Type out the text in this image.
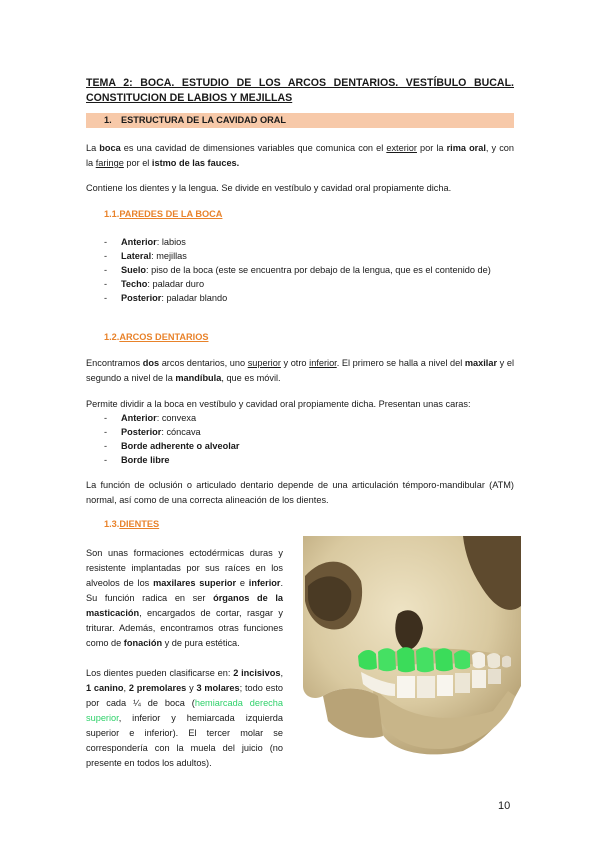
TEMA 2: BOCA. ESTUDIO DE LOS ARCOS DENTARIOS. VESTÍBULO BUCAL.
CONSTITUCION DE LABIOS Y MEJILLAS
1. ESTRUCTURA DE LA CAVIDAD ORAL
La boca es una cavidad de dimensiones variables que comunica con el exterior por la rima oral, y con la faringe por el istmo de las fauces.
Contiene los dientes y la lengua. Se divide en vestíbulo y cavidad oral propiamente dicha.
1.1.PAREDES DE LA BOCA
- Anterior: labios
- Lateral: mejillas
- Suelo: piso de la boca (este se encuentra por debajo de la lengua, que es el contenido de)
- Techo: paladar duro
- Posterior: paladar blando
1.2.ARCOS DENTARIOS
Encontramos dos arcos dentarios, uno superior y otro inferior. El primero se halla a nivel del maxilar y el segundo a nivel de la mandíbula, que es móvil.
Permite dividir a la boca en vestíbulo y cavidad oral propiamente dicha. Presentan unas caras:
- Anterior: convexa
- Posterior: cóncava
- Borde adherente o alveolar
- Borde libre
La función de oclusión o articulado dentario depende de una articulación témporo-mandibular (ATM) normal, así como de una correcta alineación de los dientes.
1.3.DIENTES
Son unas formaciones ectodérmicas duras y resistente implantadas por sus raíces en los alveolos de los maxilares superior e inferior. Su función radica en ser órganos de la masticación, encargados de cortar, rasgar y triturar. Además, encontramos otras funciones como de fonación y de pura estética.
Los dientes pueden clasificarse en: 2 incisivos, 1 canino, 2 premolares y 3 molares; todo esto por cada ¼ de boca (hemiarcada derecha superior, inferior y hemiarcada izquierda superior e inferior). El tercer molar se correspondería con la muela del juicio (no presente en todos los adultos).
10
